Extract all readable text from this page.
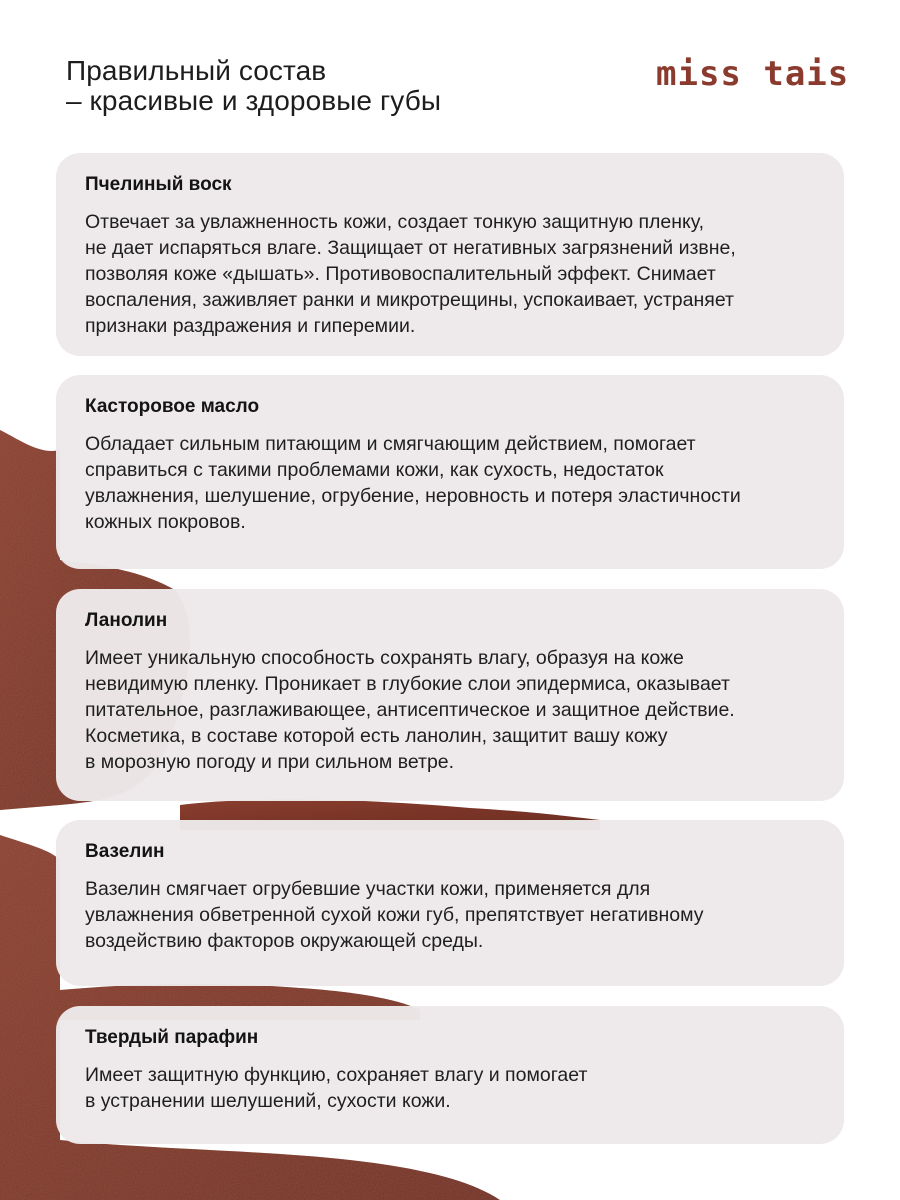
Правильный состав
– красивые и здоровые губы
miss tais
Пчелиный воск

Отвечает за увлажненность кожи, создает тонкую защитную пленку,
не дает испаряться влаге. Защищает от негативных загрязнений извне,
позволяя коже «дышать». Противовоспалительный эффект. Снимает
воспаления, заживляет ранки и микротрещины, успокаивает, устраняет
признаки раздражения и гиперемии.

Касторовое масло

Обладает сильным питающим и смягчающим действием, помогает
справиться с такими проблемами кожи, как сухость, недостаток
увлажнения, шелушение, огрубение, неровность и потеря эластичности
кожных покровов.

Ланолин

Имеет уникальную способность сохранять влагу, образуя на коже
невидимую пленку. Проникает в глубокие слои эпидермиса, оказывает
питательное, разглаживающее, антисептическое и защитное действие.
Косметика, в составе которой есть ланолин, защитит вашу кожу
в морозную погоду и при сильном ветре.

Вазелин

Вазелин смягчает огрубевшие участки кожи, применяется для
увлажнения обветренной сухой кожи губ, препятствует негативному
воздействию факторов окружающей среды.

Твердый парафин

Имеет защитную функцию, сохраняет влагу и помогает
в устранении шелушений, сухости кожи.
